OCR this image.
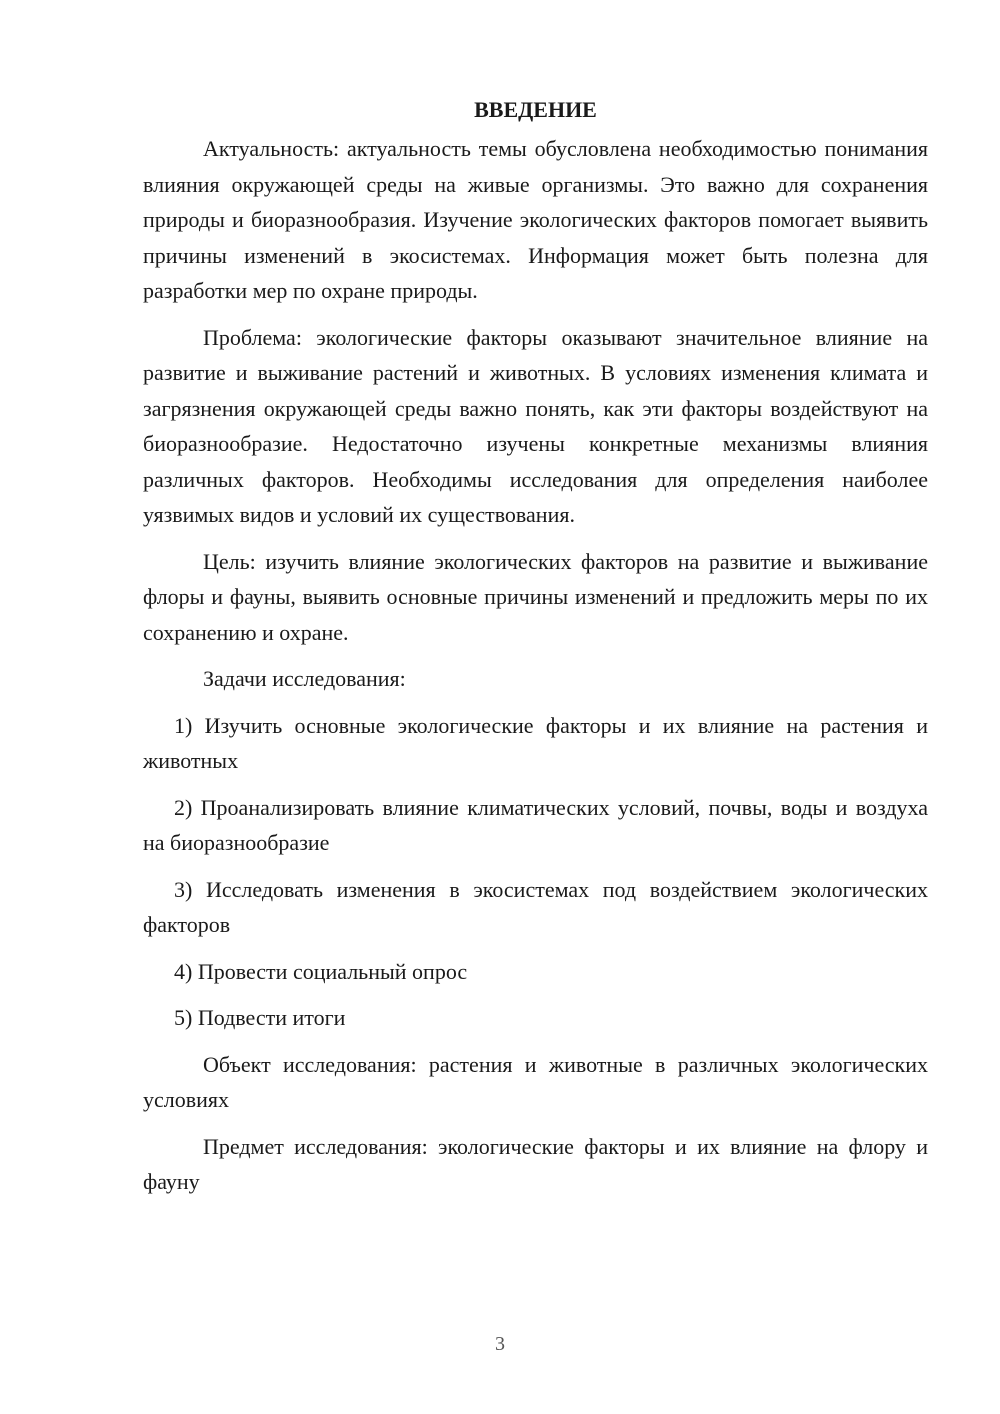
ВВЕДЕНИЕ

Актуальность: актуальность темы обусловлена необходимостью понимания влияния окружающей среды на живые организмы. Это важно для сохранения природы и биоразнообразия. Изучение экологических факторов помогает выявить причины изменений в экосистемах. Информация может быть полезна для разработки мер по охране природы.

Проблема: экологические факторы оказывают значительное влияние на развитие и выживание растений и животных. В условиях изменения климата и загрязнения окружающей среды важно понять, как эти факторы воздействуют на биоразнообразие. Недостаточно изучены конкретные механизмы влияния различных факторов. Необходимы исследования для определения наиболее уязвимых видов и условий их существования.

Цель: изучить влияние экологических факторов на развитие и выживание флоры и фауны, выявить основные причины изменений и предложить меры по их сохранению и охране.

Задачи исследования:

1) Изучить основные экологические факторы и их влияние на растения и животных

2) Проанализировать влияние климатических условий, почвы, воды и воздуха на биоразнообразие

3) Исследовать изменения в экосистемах под воздействием экологических факторов

4) Провести социальный опрос

5) Подвести итоги

Объект исследования: растения и животные в различных экологических условиях

Предмет исследования: экологические факторы и их влияние на флору и фауну

3
